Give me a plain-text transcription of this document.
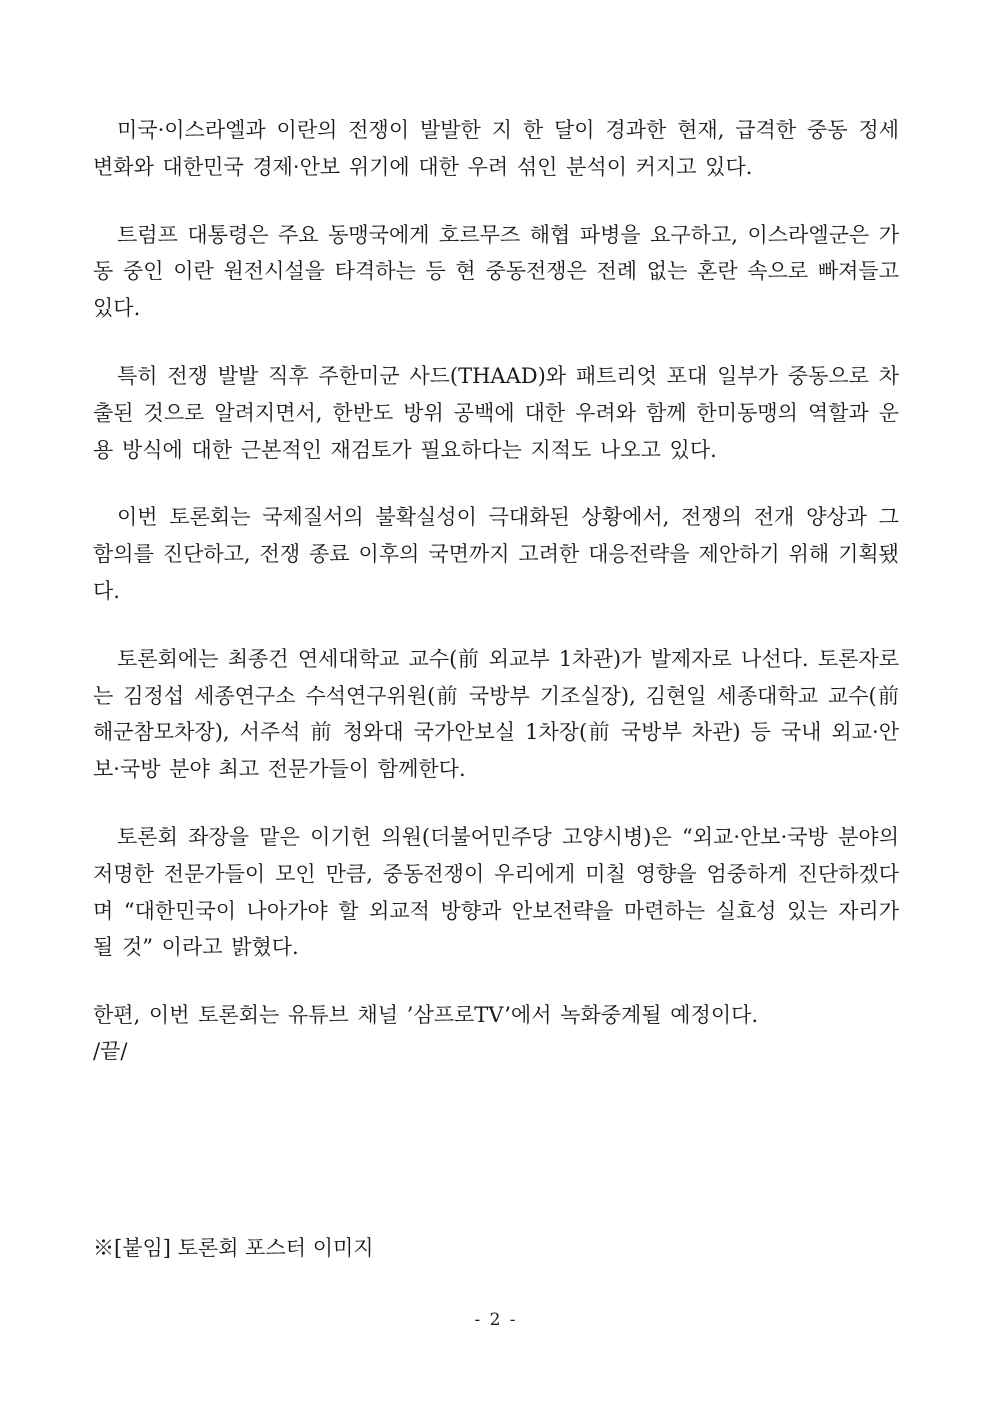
미국·이스라엘과 이란의 전쟁이 발발한 지 한 달이 경과한 현재, 급격한 중동 정세 변화와 대한민국 경제·안보 위기에 대한 우려 섞인 분석이 커지고 있다.

트럼프 대통령은 주요 동맹국에게 호르무즈 해협 파병을 요구하고, 이스라엘군은 가동 중인 이란 원전시설을 타격하는 등 현 중동전쟁은 전례 없는 혼란 속으로 빠져들고 있다.

특히 전쟁 발발 직후 주한미군 사드(THAAD)와 패트리엇 포대 일부가 중동으로 차출된 것으로 알려지면서, 한반도 방위 공백에 대한 우려와 함께 한미동맹의 역할과 운용 방식에 대한 근본적인 재검토가 필요하다는 지적도 나오고 있다.

이번 토론회는 국제질서의 불확실성이 극대화된 상황에서, 전쟁의 전개 양상과 그 함의를 진단하고, 전쟁 종료 이후의 국면까지 고려한 대응전략을 제안하기 위해 기획됐다.

토론회에는 최종건 연세대학교 교수(前 외교부 1차관)가 발제자로 나선다. 토론자로는 김정섭 세종연구소 수석연구위원(前 국방부 기조실장), 김현일 세종대학교 교수(前 해군참모차장), 서주석 前 청와대 국가안보실 1차장(前 국방부 차관) 등 국내 외교·안보·국방 분야 최고 전문가들이 함께한다.

토론회 좌장을 맡은 이기헌 의원(더불어민주당 고양시병)은 “외교·안보·국방 분야의 저명한 전문가들이 모인 만큼, 중동전쟁이 우리에게 미칠 영향을 엄중하게 진단하겠다며 “대한민국이 나아가야 할 외교적 방향과 안보전략을 마련하는 실효성 있는 자리가 될 것” 이라고 밝혔다.

한편, 이번 토론회는 유튜브 채널 ’삼프로TV’에서 녹화중계될 예정이다.

/끝/

※[붙임] 토론회 포스터 이미지

- 2 -
